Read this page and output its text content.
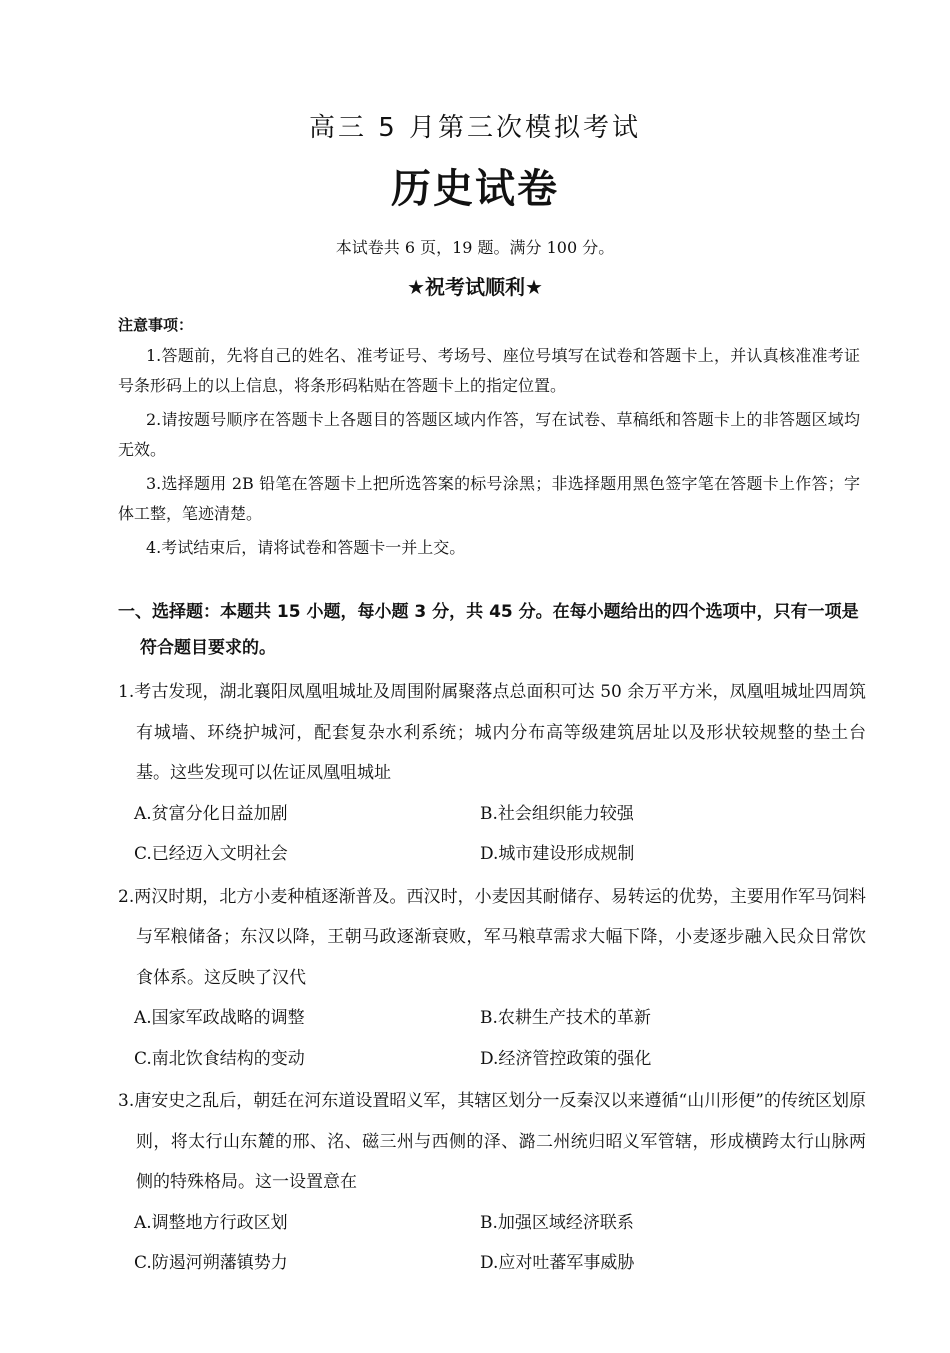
高三 5 月第三次模拟考试
历史试卷
本试卷共 6 页，19 题。满分 100 分。
★祝考试顺利★
注意事项：
1.答题前，先将自己的姓名、准考证号、考场号、座位号填写在试卷和答题卡上，并认真核准准考证号条形码上的以上信息，将条形码粘贴在答题卡上的指定位置。
2.请按题号顺序在答题卡上各题目的答题区域内作答，写在试卷、草稿纸和答题卡上的非答题区域均无效。
3.选择题用 2B 铅笔在答题卡上把所选答案的标号涂黑；非选择题用黑色签字笔在答题卡上作答；字体工整，笔迹清楚。
4.考试结束后，请将试卷和答题卡一并上交。
一、选择题：本题共 15 小题，每小题 3 分，共 45 分。在每小题给出的四个选项中，只有一项是符合题目要求的。
1.考古发现，湖北襄阳凤凰咀城址及周围附属聚落点总面积可达 50 余万平方米，凤凰咀城址四周筑有城墙、环绕护城河，配套复杂水利系统；城内分布高等级建筑居址以及形状较规整的垫土台基。这些发现可以佐证凤凰咀城址
A.贫富分化日益加剧	B.社会组织能力较强
C.已经迈入文明社会	D.城市建设形成规制
2.两汉时期，北方小麦种植逐渐普及。西汉时，小麦因其耐储存、易转运的优势，主要用作军马饲料与军粮储备；东汉以降，王朝马政逐渐衰败，军马粮草需求大幅下降，小麦逐步融入民众日常饮食体系。这反映了汉代
A.国家军政战略的调整	B.农耕生产技术的革新
C.南北饮食结构的变动	D.经济管控政策的强化
3.唐安史之乱后，朝廷在河东道设置昭义军，其辖区划分一反秦汉以来遵循“山川形便”的传统区划原则，将太行山东麓的邢、洺、磁三州与西侧的泽、潞二州统归昭义军管辖，形成横跨太行山脉两侧的特殊格局。这一设置意在
A.调整地方行政区划	B.加强区域经济联系
C.防遏河朔藩镇势力	D.应对吐蕃军事威胁
